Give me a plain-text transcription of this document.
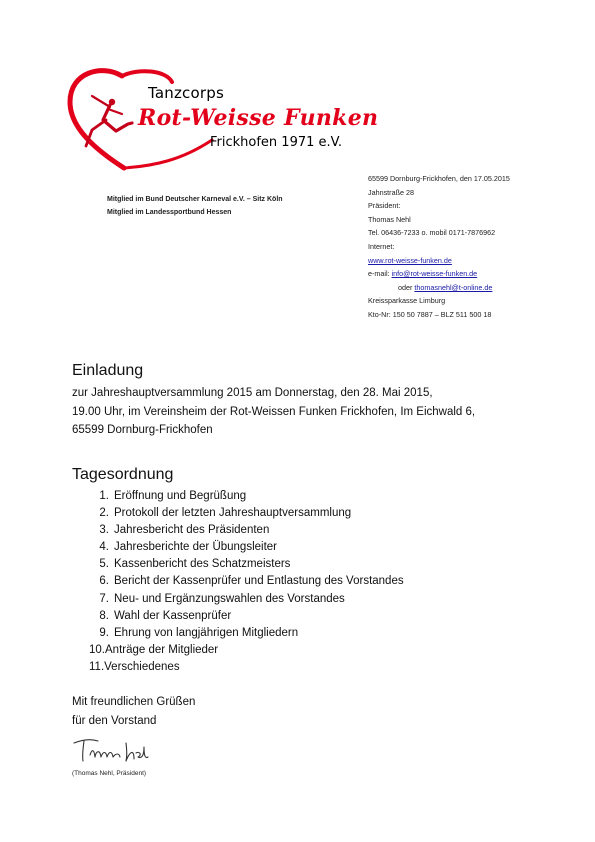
Tanzcorps
Rot-Weisse Funken
Frickhofen 1971 e.V.
Mitglied im Bund Deutscher Karneval e.V. – Sitz Köln
Mitglied im Landessportbund Hessen
65599 Dornburg-Frickhofen, den 17.05.2015
Jahnstraße 28
Präsident:
Thomas Nehl
Tel. 06436-7233 o. mobil 0171-7876962
Internet:
www.rot-weisse-funken.de
e-mail: info@rot-weisse-funken.de
oder thomasnehl@t-online.de
Kreissparkasse Limburg
Kto-Nr: 150 50 7887 – BLZ 511 500 18
Einladung
zur Jahreshauptversammlung 2015 am Donnerstag, den 28. Mai 2015,
19.00 Uhr, im Vereinsheim der Rot-Weissen Funken Frickhofen, Im Eichwald 6,
65599 Dornburg-Frickhofen
Tagesordnung
1. Eröffnung und Begrüßung
2. Protokoll der letzten Jahreshauptversammlung
3. Jahresbericht des Präsidenten
4. Jahresberichte der Übungsleiter
5. Kassenbericht des Schatzmeisters
6. Bericht der Kassenprüfer und Entlastung des Vorstandes
7. Neu- und Ergänzungswahlen des Vorstandes
8. Wahl der Kassenprüfer
9. Ehrung von langjährigen Mitgliedern
10. Anträge der Mitglieder
11. Verschiedenes
Mit freundlichen Grüßen
für den Vorstand
(Thomas Nehl, Präsident)
